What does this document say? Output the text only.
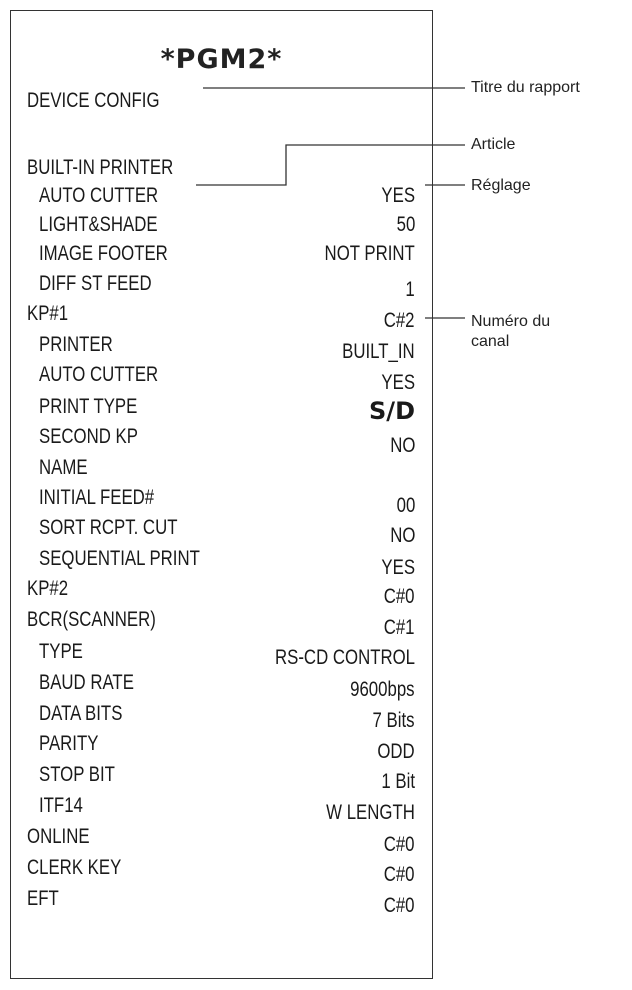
*PGM2*
DEVICE CONFIG
BUILT-IN PRINTER
AUTO CUTTER	YES
LIGHT&SHADE	50
IMAGE FOOTER	NOT PRINT
DIFF ST FEED	1
KP#1	C#2
PRINTER	BUILT_IN
AUTO CUTTER	YES
PRINT TYPE	S/D
SECOND KP	NO
NAME
INITIAL FEED#	00
SORT RCPT. CUT	NO
SEQUENTIAL PRINT	YES
KP#2	C#0
BCR(SCANNER)	C#1
TYPE	RS-CD CONTROL
BAUD RATE	9600bps
DATA BITS	7 Bits
PARITY	ODD
STOP BIT	1 Bit
ITF14	W LENGTH
ONLINE	C#0
CLERK KEY	C#0
EFT	C#0
Titre du rapport
Article
Réglage
Numéro du
canal
